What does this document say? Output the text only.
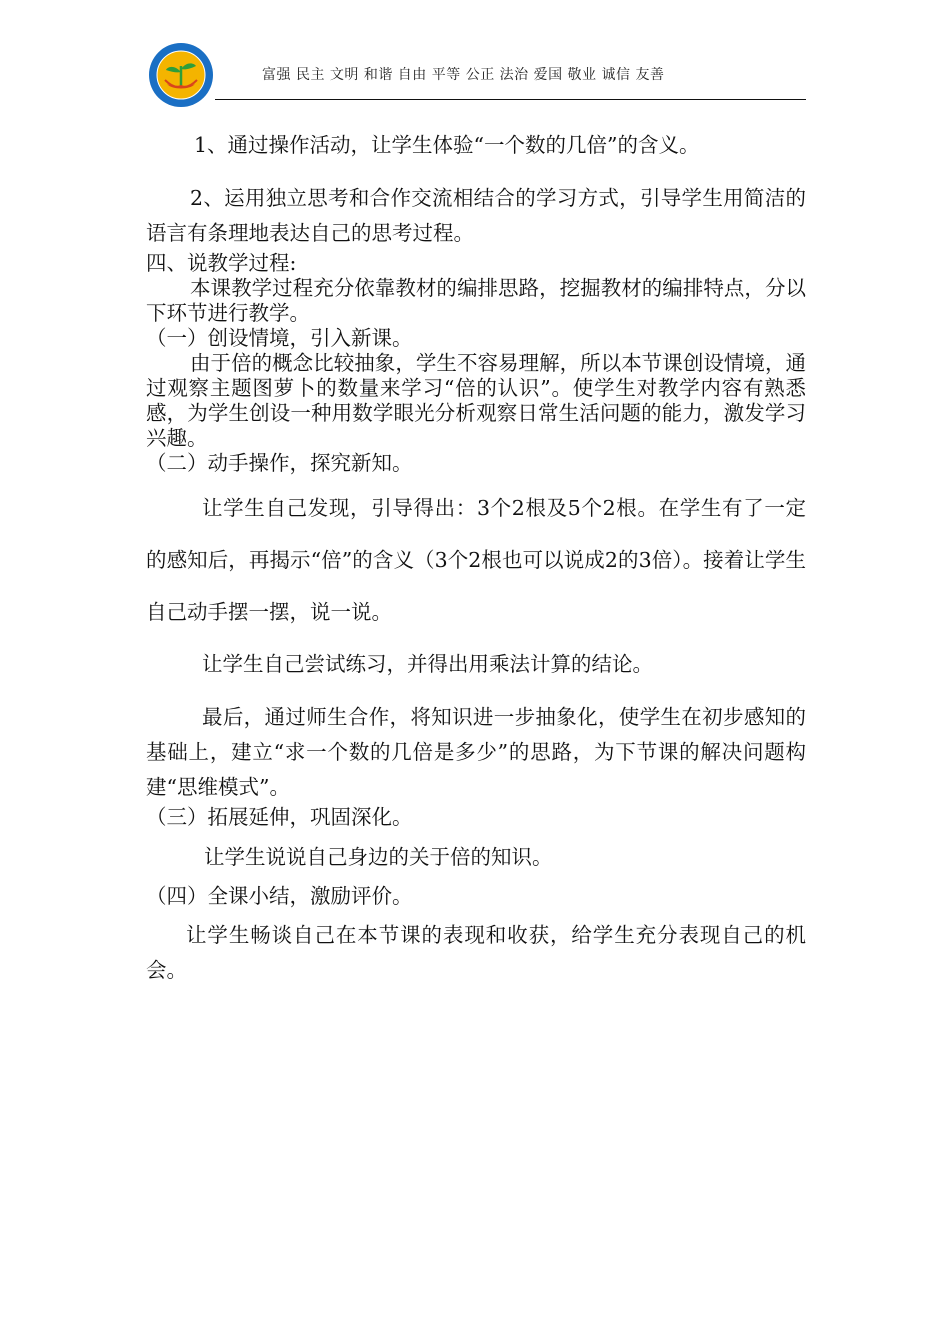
富强 民主 文明 和谐 自由 平等 公正 法治 爱国 敬业 诚信 友善

1、通过操作活动，让学生体验“一个数的几倍”的含义。

2、运用独立思考和合作交流相结合的学习方式，引导学生用简洁的语言有条理地表达自己的思考过程。

四、说教学过程:

本课教学过程充分依靠教材的编排思路，挖掘教材的编排特点，分以下环节进行教学。

（一）创设情境，引入新课。

由于倍的概念比较抽象，学生不容易理解，所以本节课创设情境，通过观察主题图萝卜的数量来学习“倍的认识”。使学生对教学内容有熟悉感，为学生创设一种用数学眼光分析观察日常生活问题的能力，激发学习兴趣。

（二）动手操作，探究新知。

让学生自己发现，引导得出：3个2根及5个2根。在学生有了一定的感知后，再揭示“倍”的含义（3个2根也可以说成2的3倍）。接着让学生自己动手摆一摆，说一说。

让学生自己尝试练习，并得出用乘法计算的结论。

最后，通过师生合作，将知识进一步抽象化，使学生在初步感知的基础上，建立“求一个数的几倍是多少”的思路，为下节课的解决问题构建“思维模式”。

（三）拓展延伸，巩固深化。

让学生说说自己身边的关于倍的知识。

（四）全课小结，激励评价。

让学生畅谈自己在本节课的表现和收获，给学生充分表现自己的机会。
